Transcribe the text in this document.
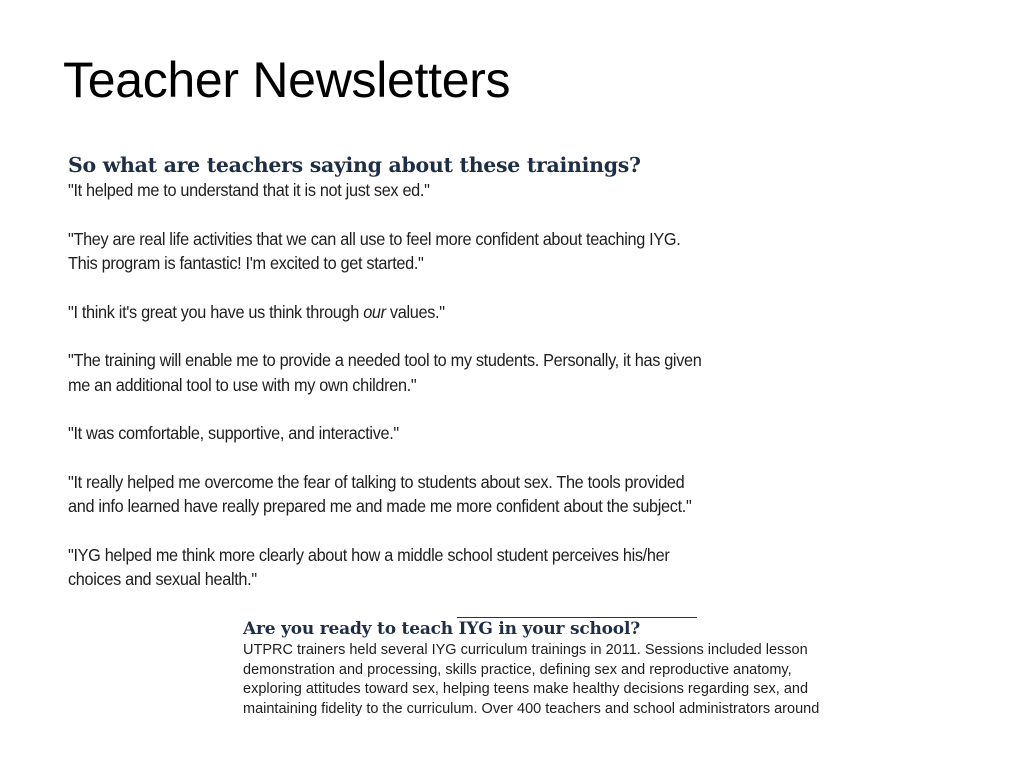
Teacher Newsletters

So what are teachers saying about these trainings?

"It helped me to understand that it is not just sex ed."

"They are real life activities that we can all use to feel more confident about teaching IYG.
This program is fantastic! I'm excited to get started."

"I think it's great you have us think through our values."

"The training will enable me to provide a needed tool to my students. Personally, it has given
me an additional tool to use with my own children."

"It was comfortable, supportive, and interactive."

"It really helped me overcome the fear of talking to students about sex. The tools provided
and info learned have really prepared me and made me more confident about the subject."

"IYG helped me think more clearly about how a middle school student perceives his/her
choices and sexual health."

Are you ready to teach IYG in your school?

UTPRC trainers held several IYG curriculum trainings in 2011. Sessions included lesson
demonstration and processing, skills practice, defining sex and reproductive anatomy,
exploring attitudes toward sex, helping teens make healthy decisions regarding sex, and
maintaining fidelity to the curriculum. Over 400 teachers and school administrators around
